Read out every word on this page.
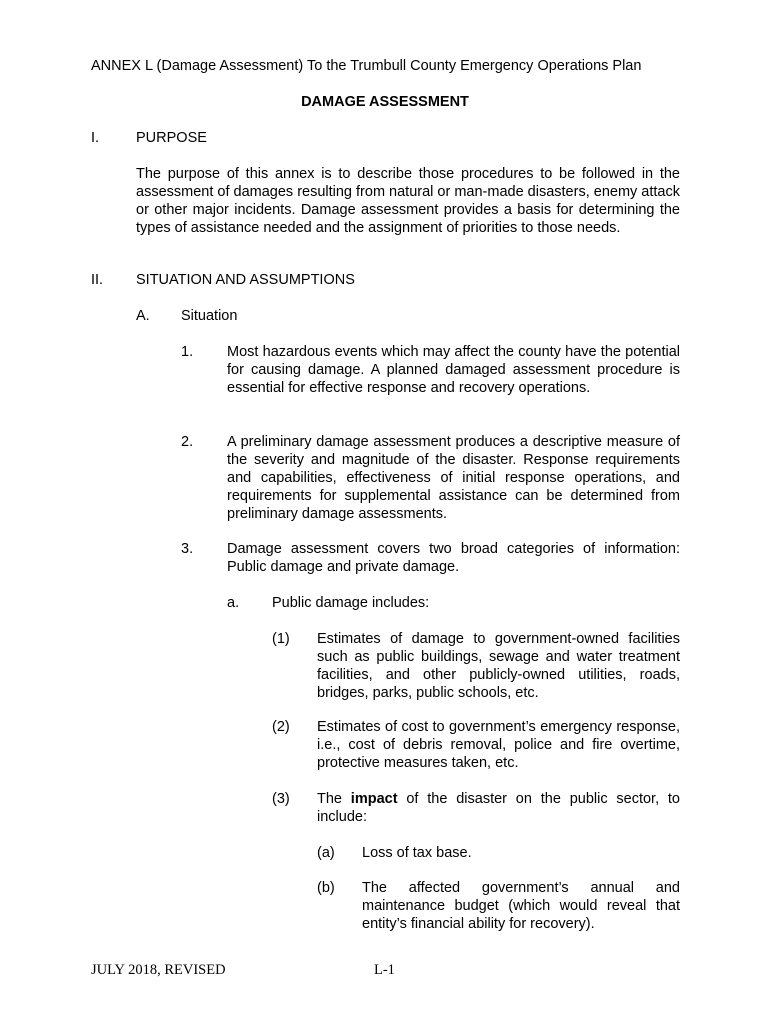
ANNEX L (Damage Assessment) To the Trumbull County Emergency Operations Plan
DAMAGE ASSESSMENT
I.	PURPOSE
The purpose of this annex is to describe those procedures to be followed in the assessment of damages resulting from natural or man-made disasters, enemy attack or other major incidents. Damage assessment provides a basis for determining the types of assistance needed and the assignment of priorities to those needs.
II. SITUATION AND ASSUMPTIONS
A. Situation
1. Most hazardous events which may affect the county have the potential for causing damage. A planned damaged assessment procedure is essential for effective response and recovery operations.
2. A preliminary damage assessment produces a descriptive measure of the severity and magnitude of the disaster. Response requirements and capabilities, effectiveness of initial response operations, and requirements for supplemental assistance can be determined from preliminary damage assessments.
3. Damage assessment covers two broad categories of information: Public damage and private damage.
a. Public damage includes:
(1) Estimates of damage to government-owned facilities such as public buildings, sewage and water treatment facilities, and other publicly-owned utilities, roads, bridges, parks, public schools, etc.
(2) Estimates of cost to government’s emergency response, i.e., cost of debris removal, police and fire overtime, protective measures taken, etc.
(3) The impact of the disaster on the public sector, to include:
(a) Loss of tax base.
(b) The affected government’s annual and maintenance budget (which would reveal that entity’s financial ability for recovery).
JULY 2018, REVISED	L-1
